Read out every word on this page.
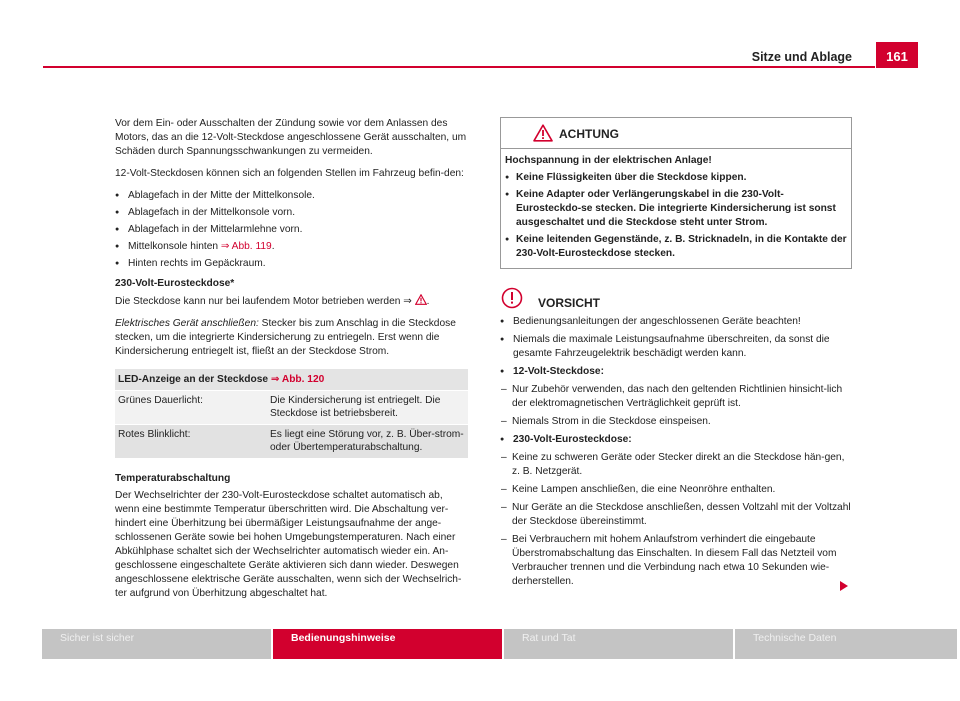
Sitze und Ablage	161

Vor dem Ein- oder Ausschalten der Zündung sowie vor dem Anlassen des Motors, das an die 12-Volt-Steckdose angeschlossene Gerät ausschalten, um Schäden durch Spannungsschwankungen zu vermeiden.

12-Volt-Steckdosen können sich an folgenden Stellen im Fahrzeug befin-den:

● Ablagefach in der Mitte der Mittelkonsole.
● Ablagefach in der Mittelkonsole vorn.
● Ablagefach in der Mittelarmlehne vorn.
● Mittelkonsole hinten ⇒ Abb. 119.
● Hinten rechts im Gepäckraum.

230-Volt-Eurosteckdose*

Die Steckdose kann nur bei laufendem Motor betrieben werden ⇒ .

Elektrisches Gerät anschließen: Stecker bis zum Anschlag in die Steckdose stecken, um die integrierte Kindersicherung zu entriegeln. Erst wenn die Kindersicherung entriegelt ist, fließt an der Steckdose Strom.

LED-Anzeige an der Steckdose ⇒ Abb. 120	
Grünes Dauerlicht:	Die Kindersicherung ist entriegelt. Die Steckdose ist betriebsbereit.
Rotes Blinklicht:	Es liegt eine Störung vor, z. B. Über-strom- oder Übertemperaturabschaltung.

Temperaturabschaltung

Der Wechselrichter der 230-Volt-Eurosteckdose schaltet automatisch ab, wenn eine bestimmte Temperatur überschritten wird. Die Abschaltung ver-hindert eine Überhitzung bei übermäßiger Leistungsaufnahme der ange-schlossenen Geräte sowie bei hohen Umgebungstemperaturen. Nach einer Abkühlphase schaltet sich der Wechselrichter automatisch wieder ein. An-geschlossene eingeschaltete Geräte aktivieren sich dann wieder. Deswegen angeschlossene elektrische Geräte ausschalten, wenn sich der Wechselrich-ter aufgrund von Überhitzung abgeschaltet hat.

ACHTUNG
Hochspannung in der elektrischen Anlage!
● Keine Flüssigkeiten über die Steckdose kippen.
● Keine Adapter oder Verlängerungskabel in die 230-Volt-Eurosteckdo-se stecken. Die integrierte Kindersicherung ist sonst ausgeschaltet und die Steckdose steht unter Strom.
● Keine leitenden Gegenstände, z. B. Stricknadeln, in die Kontakte der 230-Volt-Eurosteckdose stecken.
VORSICHT
● Bedienungsanleitungen der angeschlossenen Geräte beachten!
● Niemals die maximale Leistungsaufnahme überschreiten, da sonst die gesamte Fahrzeugelektrik beschädigt werden kann.
● 12-Volt-Steckdose:
– Nur Zubehör verwenden, das nach den geltenden Richtlinien hinsicht-lich der elektromagnetischen Verträglichkeit geprüft ist.
– Niemals Strom in die Steckdose einspeisen.
● 230-Volt-Eurosteckdose:
– Keine zu schweren Geräte oder Stecker direkt an die Steckdose hän-gen, z. B. Netzgerät.
– Keine Lampen anschließen, die eine Neonröhre enthalten.
– Nur Geräte an die Steckdose anschließen, dessen Voltzahl mit der Voltzahl der Steckdose übereinstimmt.
– Bei Verbrauchern mit hohem Anlaufstrom verhindert die eingebaute Überstromabschaltung das Einschalten. In diesem Fall das Netzteil vom Verbraucher trennen und die Verbindung nach etwa 10 Sekunden wie-derherstellen.
Sicher ist sicher	Bedienungshinweise	Rat und Tat	Technische Daten
